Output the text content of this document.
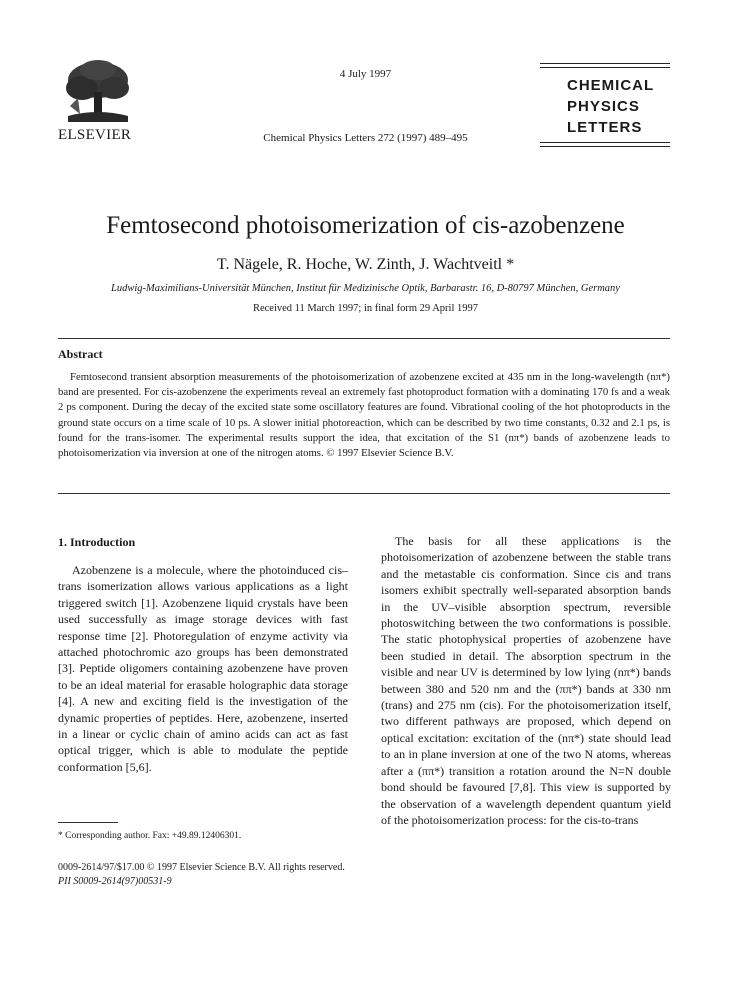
ELSEVIER
4 July 1997
Chemical Physics Letters 272 (1997) 489–495
CHEMICAL
PHYSICS
LETTERS
Femtosecond photoisomerization of cis-azobenzene
T. Nägele, R. Hoche, W. Zinth, J. Wachtveitl *
Ludwig-Maximilians-Universität München, Institut für Medizinische Optik, Barbarastr. 16, D-80797 München, Germany
Received 11 March 1997; in final form 29 April 1997
Abstract
Femtosecond transient absorption measurements of the photoisomerization of azobenzene excited at 435 nm in the long-wavelength (nπ*) band are presented. For cis-azobenzene the experiments reveal an extremely fast photoproduct formation with a dominating 170 fs and a weak 2 ps component. During the decay of the excited state some oscillatory features are found. Vibrational cooling of the hot photoproducts in the ground state occurs on a time scale of 10 ps. A slower initial photoreaction, which can be described by two time constants, 0.32 and 2.1 ps, is found for the trans-isomer. The experimental results support the idea, that excitation of the S1 (nπ*) bands of azobenzene leads to photoisomerization via inversion at one of the nitrogen atoms. © 1997 Elsevier Science B.V.
1. Introduction
Azobenzene is a molecule, where the photoinduced cis–trans isomerization allows various applications as a light triggered switch [1]. Azobenzene liquid crystals have been used successfully as image storage devices with fast response time [2]. Photoregulation of enzyme activity via attached photochromic azo groups has been demonstrated [3]. Peptide oligomers containing azobenzene have proven to be an ideal material for erasable holographic data storage [4]. A new and exciting field is the investigation of the dynamic properties of peptides. Here, azobenzene, inserted in a linear or cyclic chain of amino acids can act as fast optical trigger, which is able to modulate the peptide conformation [5,6].
The basis for all these applications is the photoisomerization of azobenzene between the stable trans and the metastable cis conformation. Since cis and trans isomers exhibit spectrally well-separated absorption bands in the UV–visible absorption spectrum, reversible photoswitching between the two conformations is possible. The static photophysical properties of azobenzene have been studied in detail. The absorption spectrum in the visible and near UV is determined by low lying (nπ*) bands between 380 and 520 nm and the (ππ*) bands at 330 nm (trans) and 275 nm (cis). For the photoisomerization itself, two different pathways are proposed, which depend on optical excitation: excitation of the (nπ*) state should lead to an in plane inversion at one of the two N atoms, whereas after a (ππ*) transition a rotation around the N=N double bond should be favoured [7,8]. This view is supported by the observation of a wavelength dependent quantum yield of the photoisomerization process: for the cis-to-trans
* Corresponding author. Fax: +49.89.12406301.
0009-2614/97/$17.00 © 1997 Elsevier Science B.V. All rights reserved.
PII S0009-2614(97)00531-9
